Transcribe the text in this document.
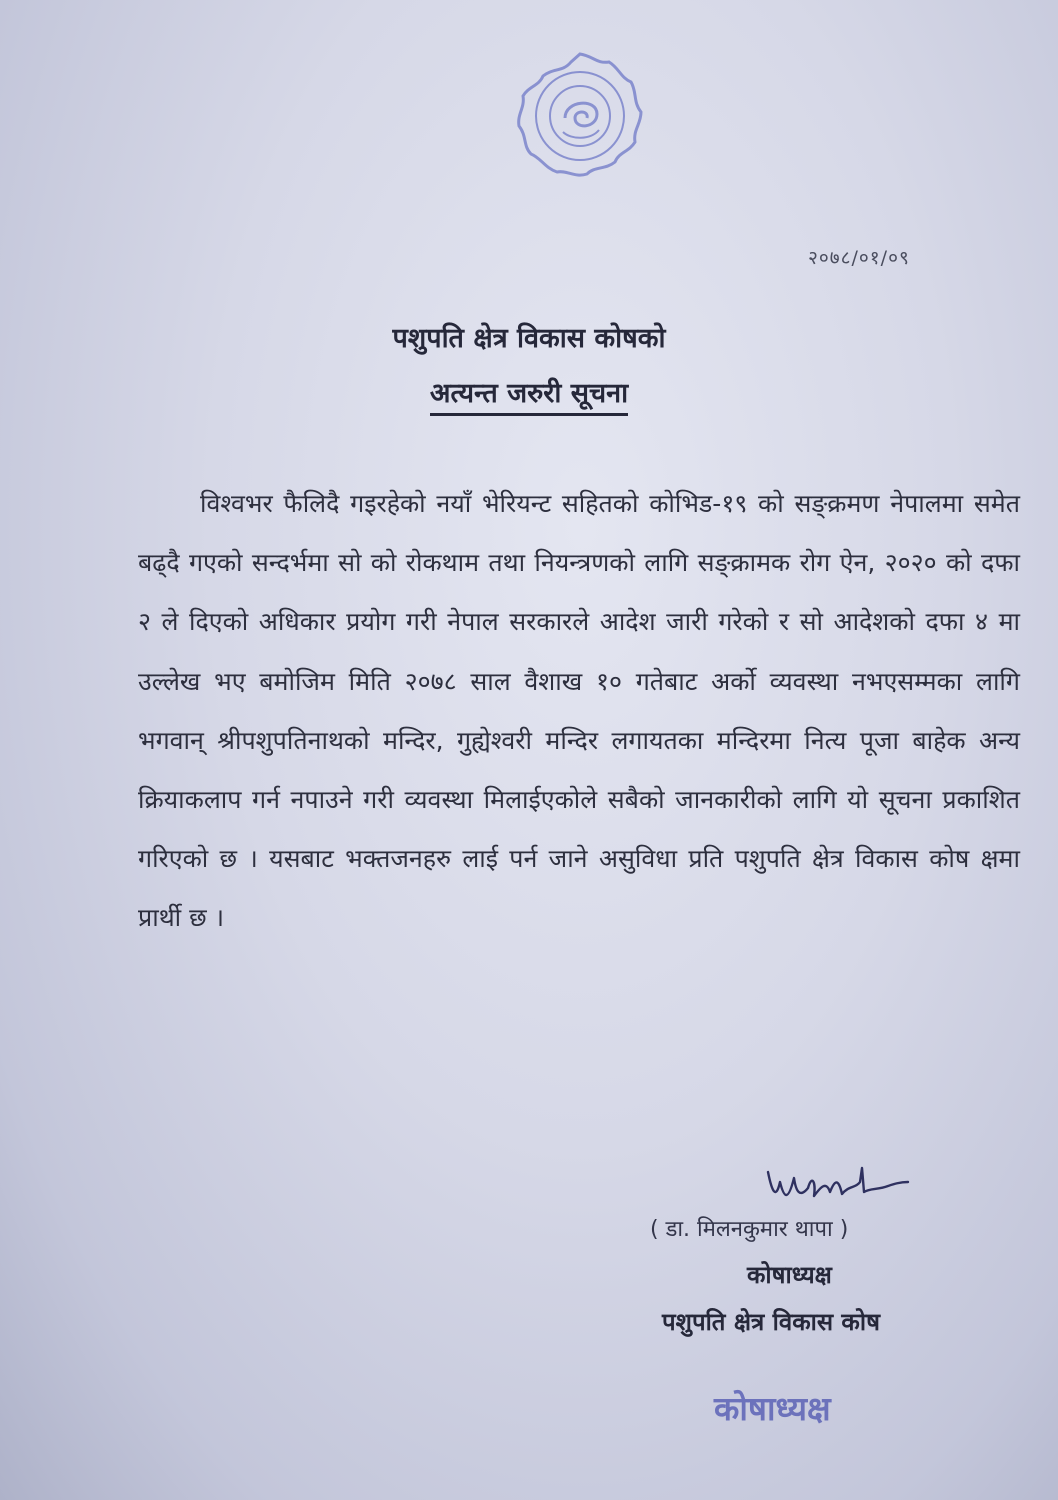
२०७८/०१/०९
पशुपति क्षेत्र विकास कोषको
अत्यन्त जरुरी सूचना
विश्वभर फैलिदै गइरहेको नयाँ भेरियन्ट सहितको कोभिड-१९ को सङ्क्रमण नेपालमा समेत बढ्दै गएको सन्दर्भमा सो को रोकथाम तथा नियन्त्रणको लागि सङ्क्रामक रोग ऐन, २०२० को दफा २ ले दिएको अधिकार प्रयोग गरी नेपाल सरकारले आदेश जारी गरेको र सो आदेशको दफा ४ मा उल्लेख भए बमोजिम मिति २०७८ साल वैशाख १० गतेबाट अर्को व्यवस्था नभएसम्मका लागि भगवान् श्रीपशुपतिनाथको मन्दिर, गुह्येश्वरी मन्दिर लगायतका मन्दिरमा नित्य पूजा बाहेक अन्य क्रियाकलाप गर्न नपाउने गरी व्यवस्था मिलाईएकोले सबैको जानकारीको लागि यो सूचना प्रकाशित गरिएको छ । यसबाट भक्तजनहरु लाई पर्न जाने असुविधा प्रति पशुपति क्षेत्र विकास कोष क्षमा प्रार्थी छ ।
( डा. मिलनकुमार थापा )
कोषाध्यक्ष
पशुपति क्षेत्र विकास कोष
कोषाध्यक्ष
